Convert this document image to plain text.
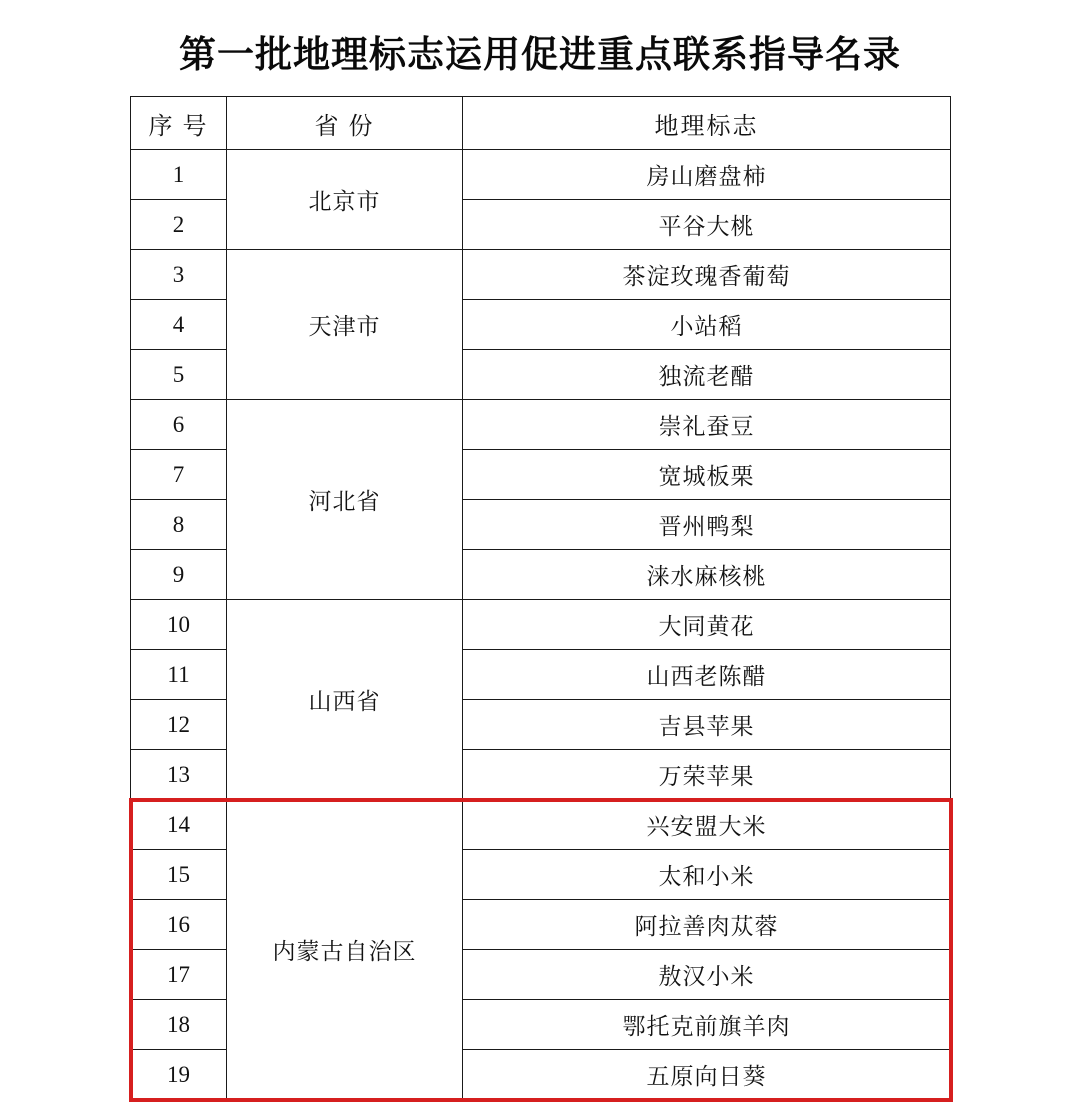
第一批地理标志运用促进重点联系指导名录
序 号	省 份	地理标志
1	北京市	房山磨盘柿
2		平谷大桃
3	天津市	茶淀玫瑰香葡萄
4		小站稻
5		独流老醋
6	河北省	崇礼蚕豆
7		宽城板栗
8		晋州鸭梨
9		涞水麻核桃
10	山西省	大同黄花
11		山西老陈醋
12		吉县苹果
13		万荣苹果
14	内蒙古自治区	兴安盟大米
15		太和小米
16		阿拉善肉苁蓉
17		敖汉小米
18		鄂托克前旗羊肉
19		五原向日葵
